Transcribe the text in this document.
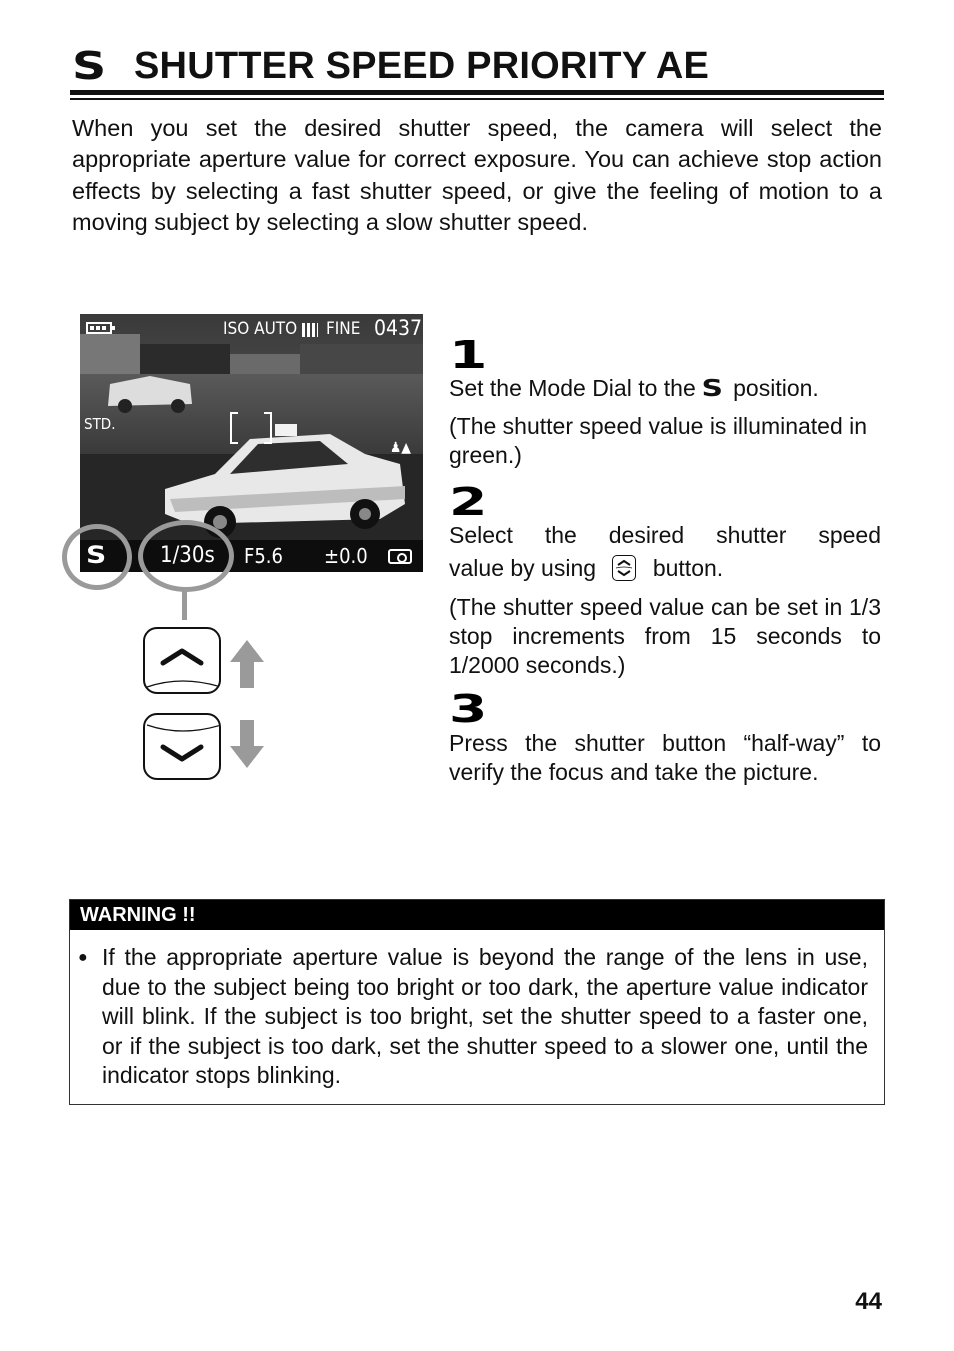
S SHUTTER SPEED PRIORITY AE
When you set the desired shutter speed, the camera will select the appropriate aperture value for correct exposure. You can achieve stop action effects by selecting a fast shutter speed, or give the feeling of motion to a moving subject by selecting a slow shutter speed.
ISO AUTO FINE 0437
STD.
♟▲
S 1/30s F5.6 ±0.0
1
Set the Mode Dial to the S position.
(The shutter speed value is illuminated in green.)
2
Select the desired shutter speed
value by using button.
(The shutter speed value can be set in 1/3 stop increments from 15 seconds to 1/2000 seconds.)
3
Press the shutter button “half-way” to verify the focus and take the picture.
WARNING !!
● If the appropriate aperture value is beyond the range of the lens in use, due to the subject being too bright or too dark, the aperture value indicator will blink. If the subject is too bright, set the shutter speed to a faster one, or if the subject is too dark, set the shutter speed to a slower one, until the indicator stops blinking.
44
